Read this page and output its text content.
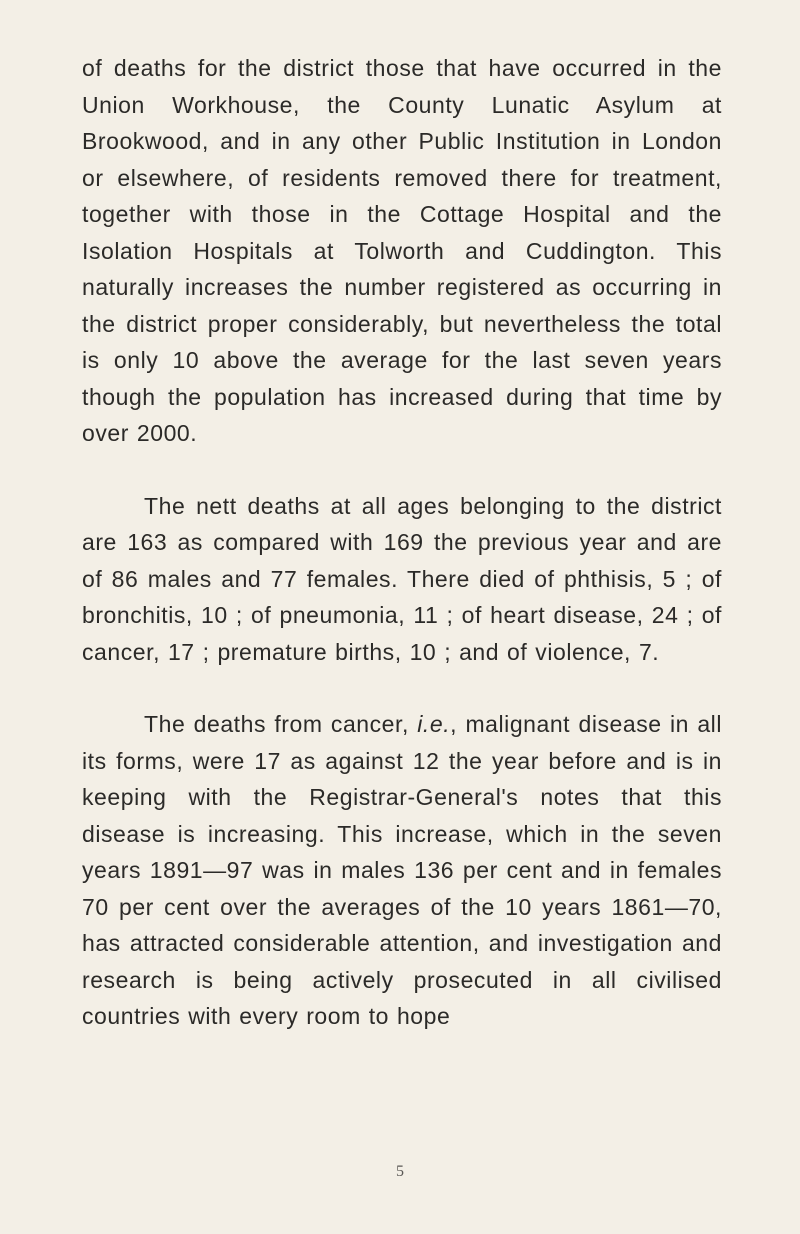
of deaths for the district those that have occurred in the Union Workhouse, the County Lunatic Asylum at Brookwood, and in any other Public Institution in London or elsewhere, of residents removed there for treatment, together with those in the Cottage Hospital and the Isolation Hospitals at Tolworth and Cuddington. This naturally increases the number registered as occurring in the district proper considerably, but nevertheless the total is only 10 above the average for the last seven years though the population has increased during that time by over 2000.

The nett deaths at all ages belonging to the district are 163 as compared with 169 the previous year and are of 86 males and 77 females. There died of phthisis, 5 ; of bronchitis, 10 ; of pneumonia, 11 ; of heart disease, 24 ; of cancer, 17 ; premature births, 10 ; and of violence, 7.

The deaths from cancer, i.e., malignant disease in all its forms, were 17 as against 12 the year before and is in keeping with the Registrar-General's notes that this disease is increasing. This increase, which in the seven years 1891—97 was in males 136 per cent and in females 70 per cent over the averages of the 10 years 1861—70, has attracted considerable attention, and investigation and research is being actively prosecuted in all civilised countries with every room to hope

5
